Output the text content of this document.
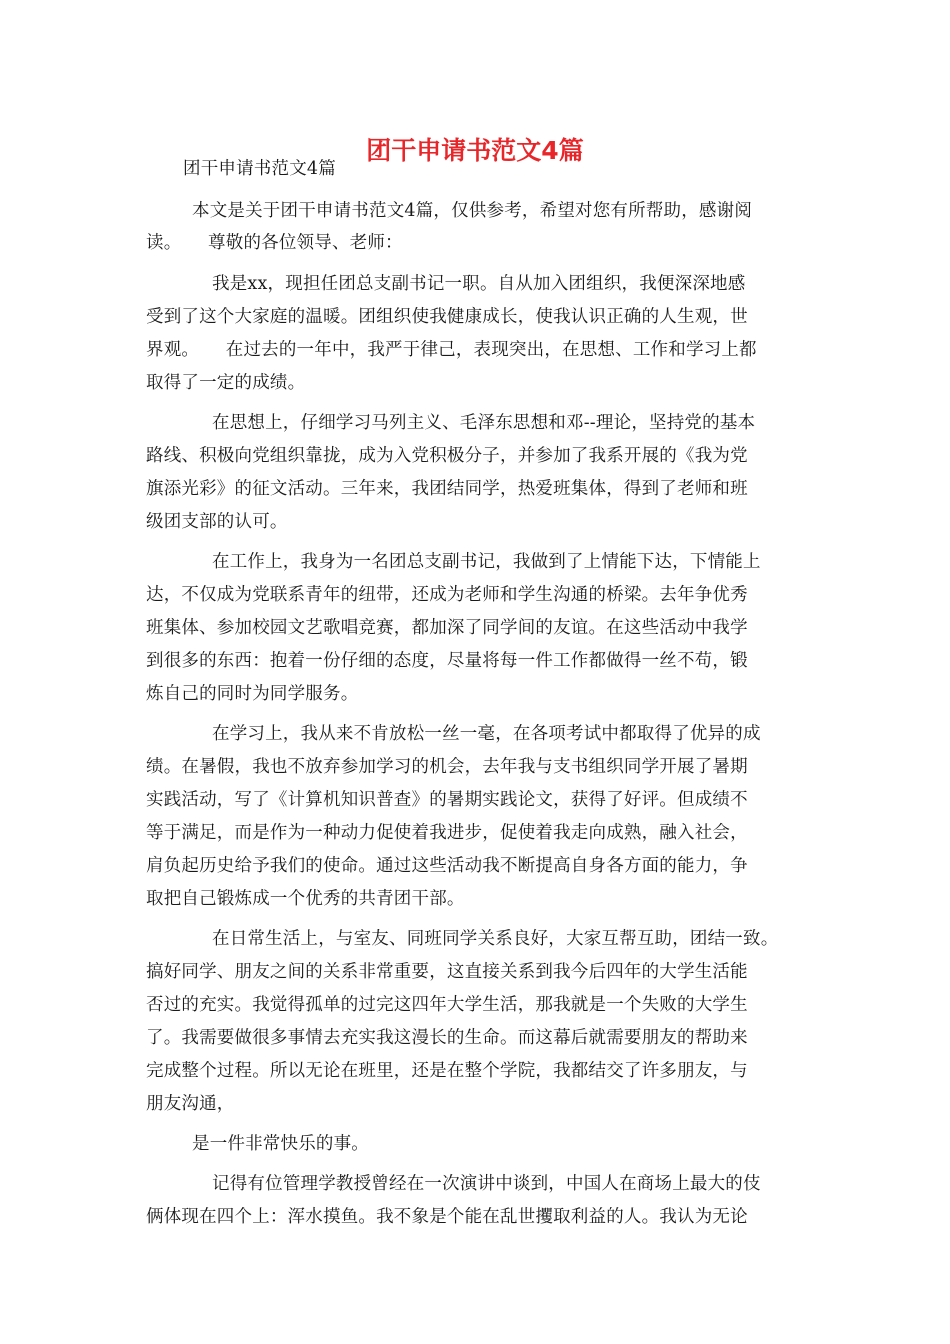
团干申请书范文4篇

团干申请书范文4篇

本文是关于团干申请书范文4篇，仅供参考，希望对您有所帮助，感谢阅

读。　　尊敬的各位领导、老师：

我是xx，现担任团总支副书记一职。自从加入团组织，我便深深地感

受到了这个大家庭的温暖。团组织使我健康成长，使我认识正确的人生观，世

界观。　　在过去的一年中，我严于律己，表现突出，在思想、工作和学习上都

取得了一定的成绩。

在思想上，仔细学习马列主义、毛泽东思想和邓--理论，坚持党的基本

路线、积极向党组织靠拢，成为入党积极分子，并参加了我系开展的《我为党

旗添光彩》的征文活动。三年来，我团结同学，热爱班集体，得到了老师和班

级团支部的认可。

在工作上，我身为一名团总支副书记，我做到了上情能下达，下情能上

达，不仅成为党联系青年的纽带，还成为老师和学生沟通的桥梁。去年争优秀

班集体、参加校园文艺歌唱竞赛，都加深了同学间的友谊。在这些活动中我学

到很多的东西：抱着一份仔细的态度，尽量将每一件工作都做得一丝不苟，锻

炼自己的同时为同学服务。

在学习上，我从来不肯放松一丝一毫，在各项考试中都取得了优异的成

绩。在暑假，我也不放弃参加学习的机会，去年我与支书组织同学开展了暑期

实践活动，写了《计算机知识普查》的暑期实践论文，获得了好评。但成绩不

等于满足，而是作为一种动力促使着我进步，促使着我走向成熟，融入社会，

肩负起历史给予我们的使命。通过这些活动我不断提高自身各方面的能力，争

取把自己锻炼成一个优秀的共青团干部。

在日常生活上，与室友、同班同学关系良好，大家互帮互助，团结一致。

搞好同学、朋友之间的关系非常重要，这直接关系到我今后四年的大学生活能

否过的充实。我觉得孤单的过完这四年大学生活，那我就是一个失败的大学生

了。我需要做很多事情去充实我这漫长的生命。而这幕后就需要朋友的帮助来

完成整个过程。所以无论在班里，还是在整个学院，我都结交了许多朋友，与

朋友沟通，

是一件非常快乐的事。

记得有位管理学教授曾经在一次演讲中谈到，中国人在商场上最大的伎

俩体现在四个上：浑水摸鱼。我不象是个能在乱世攫取利益的人。我认为无论
